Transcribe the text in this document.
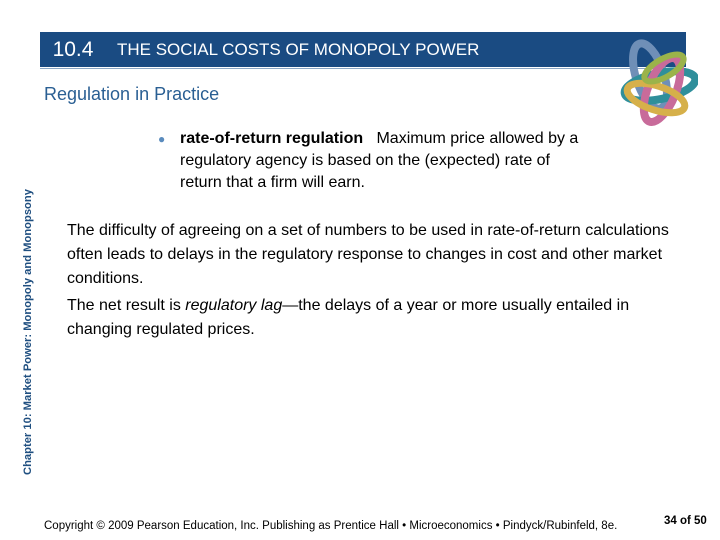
10.4	THE SOCIAL COSTS OF MONOPOLY POWER
Regulation in Practice
Chapter 10: Market Power: Monopoly and Monopsony
● rate-of-return regulation Maximum price allowed by a regulatory agency is based on the (expected) rate of return that a firm will earn.
The difficulty of agreeing on a set of numbers to be used in rate-of-return calculations often leads to delays in the regulatory response to changes in cost and other market conditions.
The net result is regulatory lag—the delays of a year or more usually entailed in changing regulated prices.
Copyright © 2009 Pearson Education, Inc. Publishing as Prentice Hall • Microeconomics • Pindyck/Rubinfeld, 8e.	34 of 50
